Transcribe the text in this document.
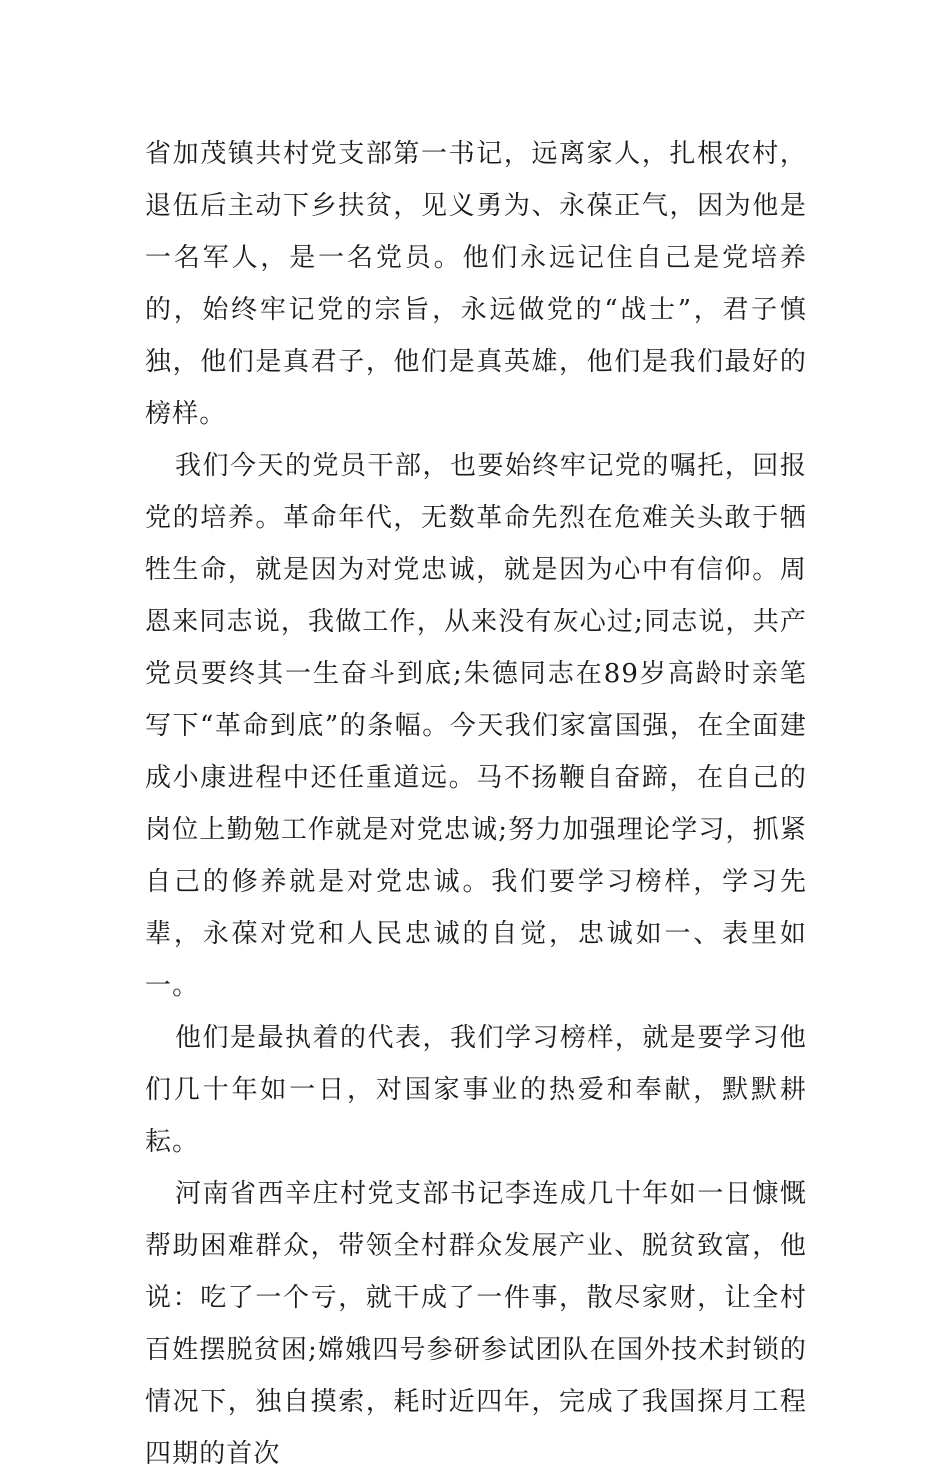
省加茂镇共村党支部第一书记，远离家人，扎根农村，退伍后主动下乡扶贫，见义勇为、永葆正气，因为他是一名军人，是一名党员。他们永远记住自己是党培养的，始终牢记党的宗旨，永远做党的“战士”，君子慎独，他们是真君子，他们是真英雄，他们是我们最好的榜样。

我们今天的党员干部，也要始终牢记党的嘱托，回报党的培养。革命年代，无数革命先烈在危难关头敢于牺牲生命，就是因为对党忠诚，就是因为心中有信仰。周恩来同志说，我做工作，从来没有灰心过;同志说，共产党员要终其一生奋斗到底;朱德同志在89岁高龄时亲笔写下“革命到底”的条幅。今天我们家富国强，在全面建成小康进程中还任重道远。马不扬鞭自奋蹄，在自己的岗位上勤勉工作就是对党忠诚;努力加强理论学习，抓紧自己的修养就是对党忠诚。我们要学习榜样，学习先辈，永葆对党和人民忠诚的自觉，忠诚如一、表里如一。

他们是最执着的代表，我们学习榜样，就是要学习他们几十年如一日，对国家事业的热爱和奉献，默默耕耘。

河南省西辛庄村党支部书记李连成几十年如一日慷慨帮助困难群众，带领全村群众发展产业、脱贫致富，他说：吃了一个亏，就干成了一件事，散尽家财，让全村百姓摆脱贫困;嫦娥四号参研参试团队在国外技术封锁的情况下，独自摸索，耗时近四年，完成了我国探月工程四期的首次
